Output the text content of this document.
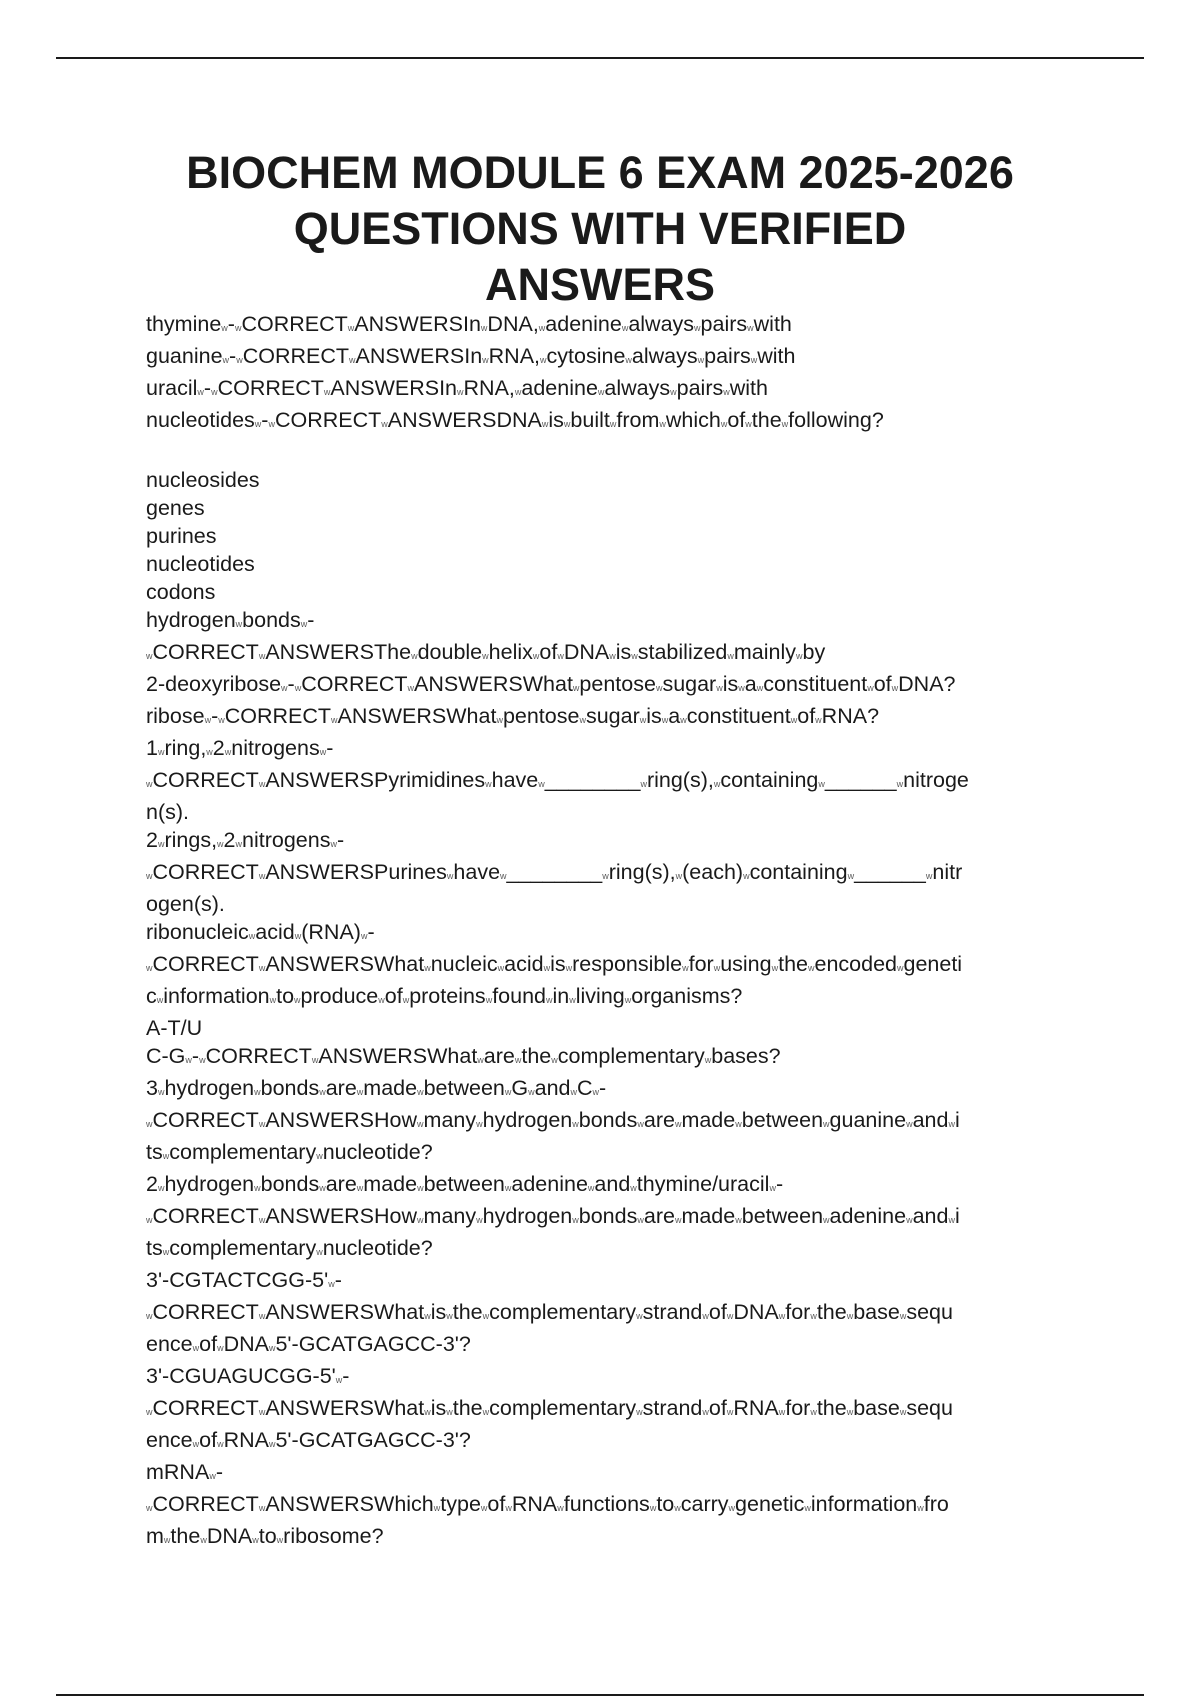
BIOCHEM MODULE 6 EXAM 2025-2026
QUESTIONS WITH VERIFIED
ANSWERS
thyminew-wCORRECTwANSWERSInwDNA,wadeninewalwayswpairswwith
guaninew-wCORRECTwANSWERSInwRNA,wcytosinewalwayswpairswwith
uracilw-wCORRECTwANSWERSInwRNA,wadeninewalwayswpairswwith
nucleotidesw-wCORRECTwANSWERSDNAwiswbuiltwfromwwhichwofwthewfollowing?
nucleosides
genes
purines
nucleotides
codons
hydrogenwbondsw-
wCORRECTwANSWERSThewdoublewhelixwofwDNAwiswstabilizedwmainlywby
2-deoxyribosew-wCORRECTwANSWERSWhatwpentosewsugarwiswawconstituentwofwDNA?
ribosew-wCORRECTwANSWERSWhatwpentosewsugarwiswawconstituentwofwRNA?
1wring,w2wnitrogensw-
wCORRECTwANSWERSPyrimidineswhavew________wring(s),wcontainingw______wnitroge
n(s).
2wrings,w2wnitrogensw-
wCORRECTwANSWERSPurineswhavew________wring(s),w(each)wcontainingw______wnitr
ogen(s).
ribonucleicwacidw(RNA)w-
wCORRECTwANSWERSWhatwnucleicwacidwiswresponsiblewforwusingwthewencodedwgeneti
cwinformationwtowproducewofwproteinswfoundwinwlivingworganisms?
A-T/U
C-Gw-wCORRECTwANSWERSWhatwarewthewcomplementarywbases?
3whydrogenwbondswarewmadewbetweenwGwandwCw-
wCORRECTwANSWERSHowwmanywhydrogenwbondswarewmadewbetweenwguaninewandwi
tswcomplementarywnucleotide?
2whydrogenwbondswarewmadewbetweenwadeninewandwthymine/uracilw-
wCORRECTwANSWERSHowwmanywhydrogenwbondswarewmadewbetweenwadeninewandwi
tswcomplementarywnucleotide?
3'-CGTACTCGG-5'w-
wCORRECTwANSWERSWhatwiswthewcomplementarywstrandwofwDNAwforwthewbasewsequ
encewofwDNAw5'-GCATGAGCC-3'?
3'-CGUAGUCGG-5'w-
wCORRECTwANSWERSWhatwiswthewcomplementarywstrandwofwRNAwforwthewbasewsequ
encewofwRNAw5'-GCATGAGCC-3'?
mRNAw-
wCORRECTwANSWERSWhichwtypewofwRNAwfunctionswtowcarrywgeneticwinformationwfro
mwthewDNAwtowribosome?
